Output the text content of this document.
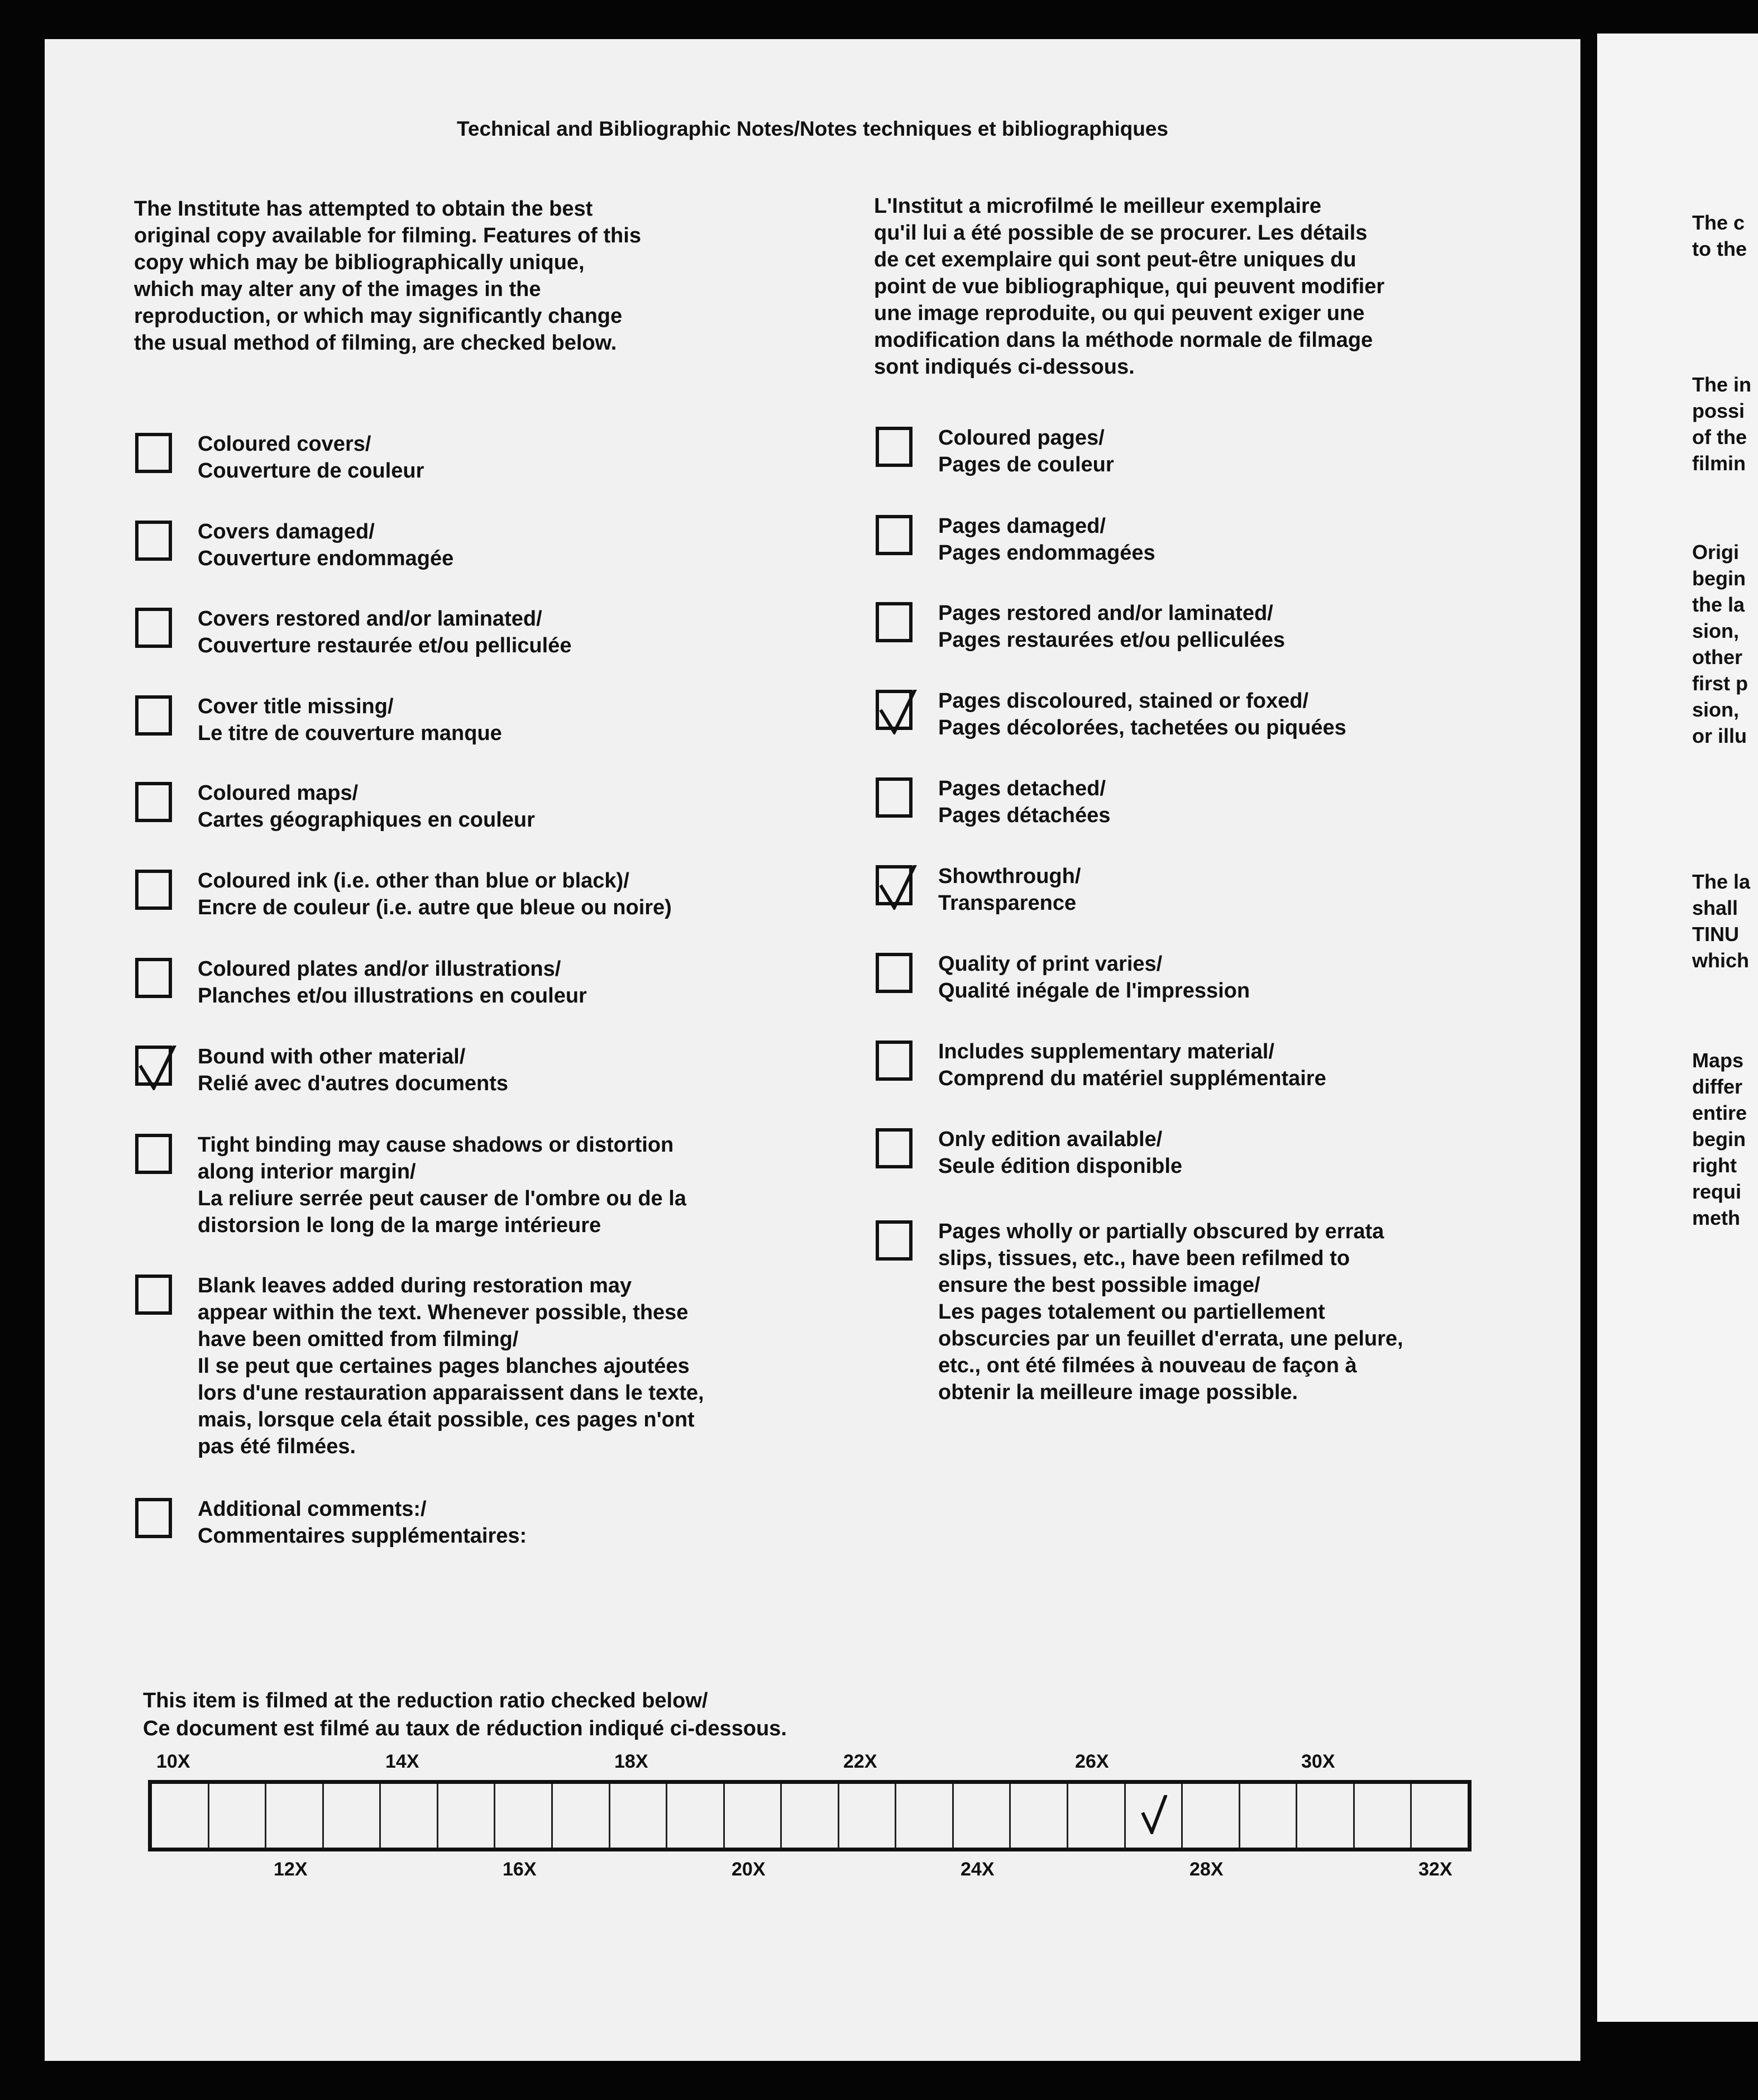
Technical and Bibliographic Notes/Notes techniques et bibliographiques
The Institute has attempted to obtain the best
original copy available for filming. Features of this
copy which may be bibliographically unique,
which may alter any of the images in the
reproduction, or which may significantly change
the usual method of filming, are checked below.
L'Institut a microfilmé le meilleur exemplaire
qu'il lui a été possible de se procurer. Les détails
de cet exemplaire qui sont peut-être uniques du
point de vue bibliographique, qui peuvent modifier
une image reproduite, ou qui peuvent exiger une
modification dans la méthode normale de filmage
sont indiqués ci-dessous.
Coloured covers/
Couverture de couleur
Covers damaged/
Couverture endommagée
Covers restored and/or laminated/
Couverture restaurée et/ou pelliculée
Cover title missing/
Le titre de couverture manque
Coloured maps/
Cartes géographiques en couleur
Coloured ink (i.e. other than blue or black)/
Encre de couleur (i.e. autre que bleue ou noire)
Coloured plates and/or illustrations/
Planches et/ou illustrations en couleur
Bound with other material/
Relié avec d'autres documents
Tight binding may cause shadows or distortion
along interior margin/
La reliure serrée peut causer de l'ombre ou de la
distorsion le long de la marge intérieure
Blank leaves added during restoration may
appear within the text. Whenever possible, these
have been omitted from filming/
Il se peut que certaines pages blanches ajoutées
lors d'une restauration apparaissent dans le texte,
mais, lorsque cela était possible, ces pages n'ont
pas été filmées.
Additional comments:/
Commentaires supplémentaires:
Coloured pages/
Pages de couleur
Pages damaged/
Pages endommagées
Pages restored and/or laminated/
Pages restaurées et/ou pelliculées
Pages discoloured, stained or foxed/
Pages décolorées, tachetées ou piquées
Pages detached/
Pages détachées
Showthrough/
Transparence
Quality of print varies/
Qualité inégale de l'impression
Includes supplementary material/
Comprend du matériel supplémentaire
Only edition available/
Seule édition disponible
Pages wholly or partially obscured by errata
slips, tissues, etc., have been refilmed to
ensure the best possible image/
Les pages totalement ou partiellement
obscurcies par un feuillet d'errata, une pelure,
etc., ont été filmées à nouveau de façon à
obtenir la meilleure image possible.
This item is filmed at the reduction ratio checked below/
Ce document est filmé au taux de réduction indiqué ci-dessous.
10X	14X	18X	22X	26X	30X
12X	16X	20X	24X	28X	32X
The c
to the
The in
possi
of the
filmin
Origi
begin
the la
sion,
other
first p
sion,
or illu
The la
shall
TINU
which
Maps
differ
entire
begin
right
requi
meth
